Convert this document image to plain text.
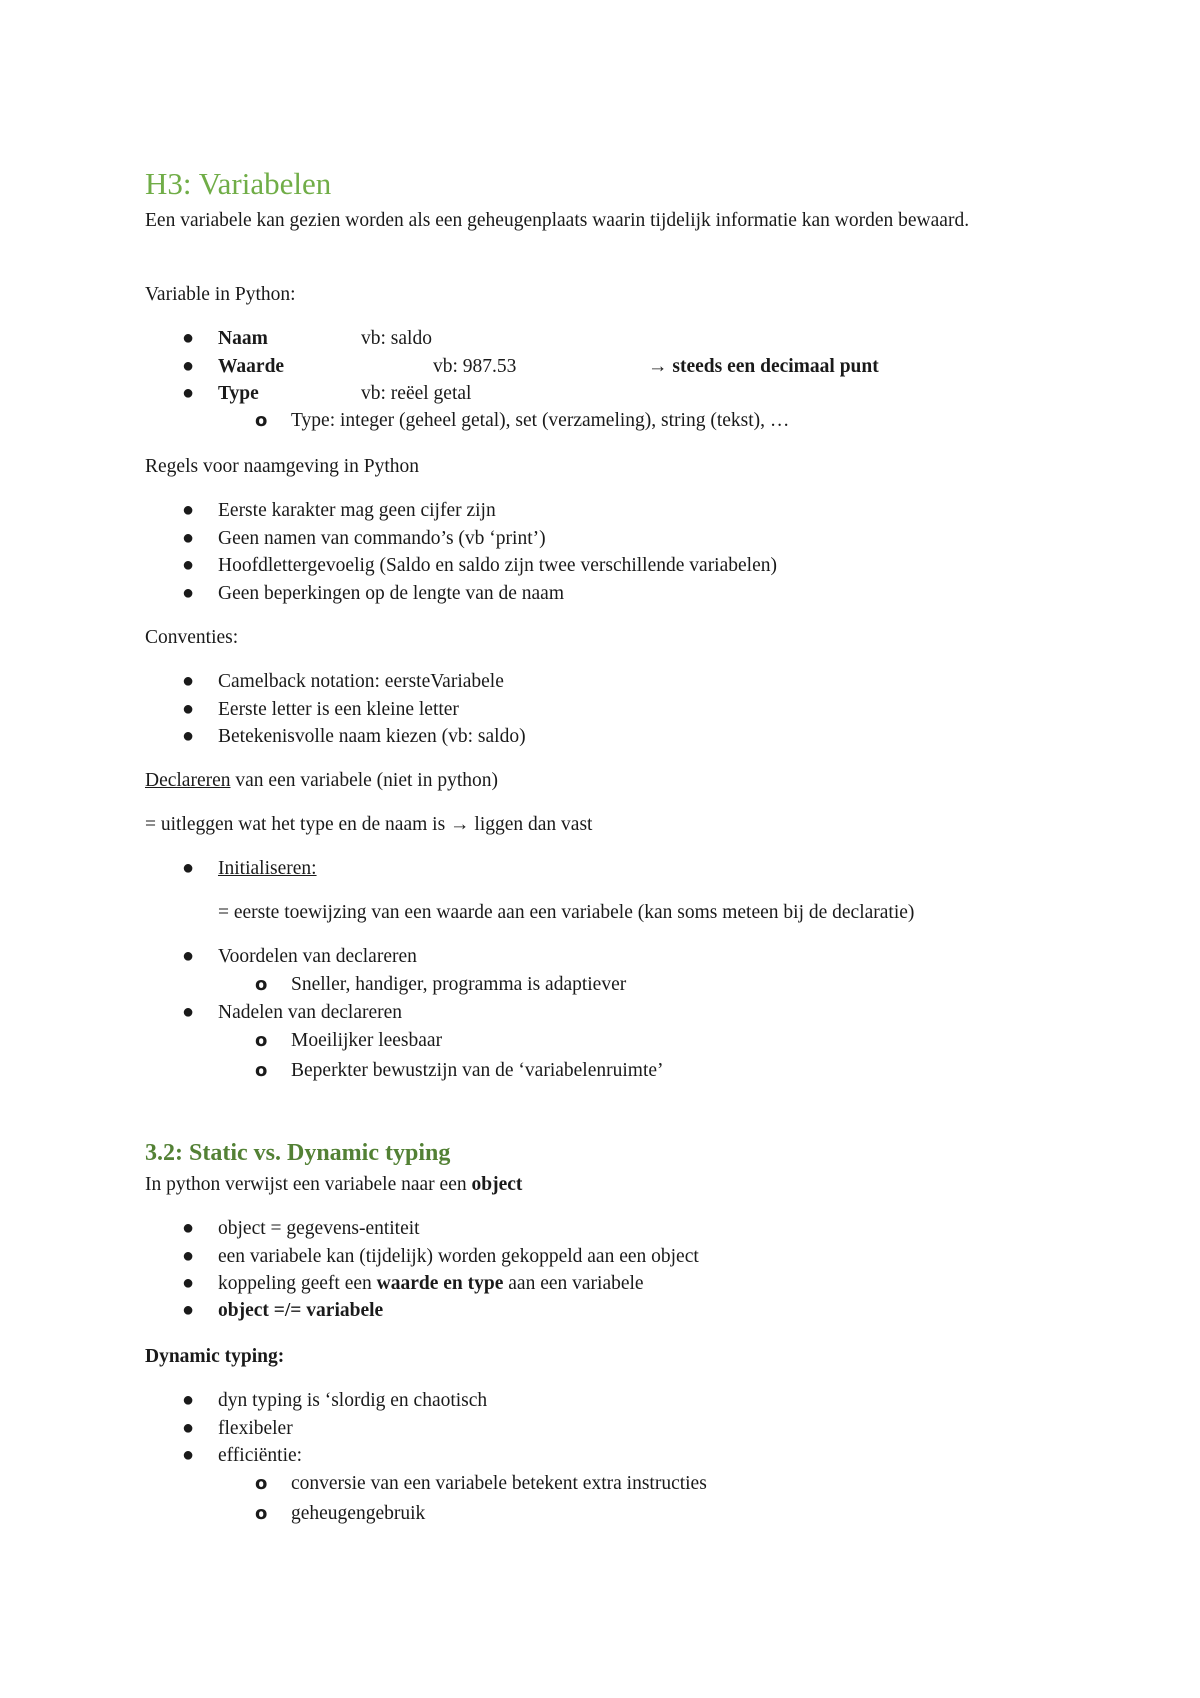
H3: Variabelen
Een variabele kan gezien worden als een geheugenplaats waarin tijdelijk informatie kan worden bewaard.
Variable in Python:
● Naam	vb: saldo
● Waarde	vb: 987.53	→ steeds een decimaal punt
● Type	vb: reëel getal
o Type: integer (geheel getal), set (verzameling), string (tekst), …
Regels voor naamgeving in Python
● Eerste karakter mag geen cijfer zijn
● Geen namen van commando’s (vb ‘print’)
● Hoofdlettergevoelig (Saldo en saldo zijn twee verschillende variabelen)
● Geen beperkingen op de lengte van de naam
Conventies:
● Camelback notation: eersteVariabele
● Eerste letter is een kleine letter
● Betekenisvolle naam kiezen (vb: saldo)
Declareren van een variabele (niet in python)
= uitleggen wat het type en de naam is → liggen dan vast
● Initialiseren:
= eerste toewijzing van een waarde aan een variabele (kan soms meteen bij de declaratie)
● Voordelen van declareren
o Sneller, handiger, programma is adaptiever
● Nadelen van declareren
o Moeilijker leesbaar
o Beperkter bewustzijn van de ‘variabelenruimte’
3.2: Static vs. Dynamic typing
In python verwijst een variabele naar een object
● object = gegevens-entiteit
● een variabele kan (tijdelijk) worden gekoppeld aan een object
● koppeling geeft een waarde en type aan een variabele
● object =/= variabele
Dynamic typing:
● dyn typing is ‘slordig en chaotisch
● flexibeler
● efficiëntie:
o conversie van een variabele betekent extra instructies
o geheugengebruik
